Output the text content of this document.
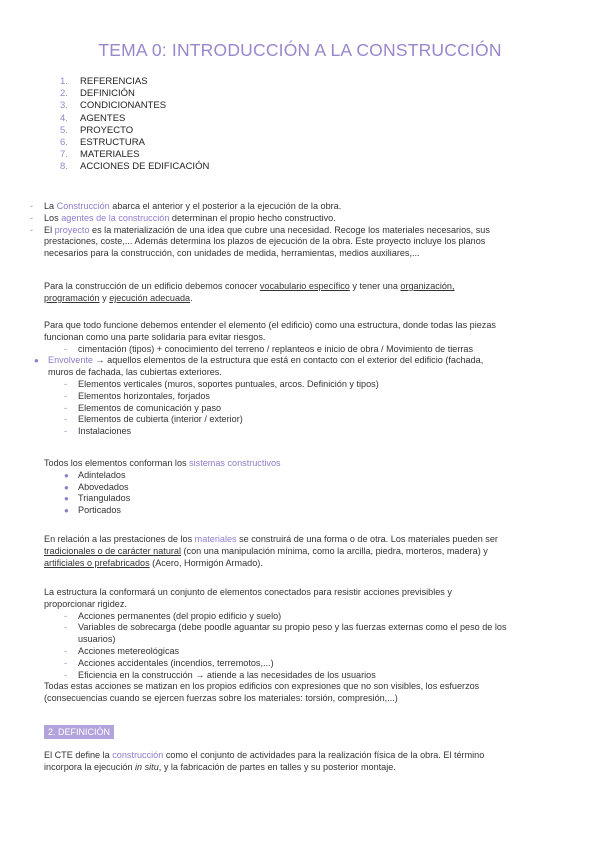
TEMA 0: INTRODUCCIÓN A LA CONSTRUCCIÓN
1. REFERENCIAS
2. DEFINICIÓN
3. CONDICIONANTES
4. AGENTES
5. PROYECTO
6. ESTRUCTURA
7. MATERIALES
8. ACCIONES DE EDIFICACIÓN
- La Construcción abarca el anterior y el posterior a la ejecución de la obra.
- Los agentes de la construcción determinan el propio hecho constructivo.
- El proyecto es la materialización de una idea que cubre una necesidad. Recoge los materiales necesarios, sus
prestaciones, coste,... Además determina los plazos de ejecución de la obra. Este proyecto incluye los planos
necesarios para la construcción, con unidades de medida, herramientas, medios auxiliares,...
Para la construcción de un edificio debemos conocer vocabulario específico y tener una organización,
programación y ejecución adecuada.
Para que todo funcione debemos entender el elemento (el edificio) como una estructura, donde todas las piezas
funcionan como una parte solidaria para evitar riesgos.
- cimentación (tipos) + conocimiento del terreno / replanteos e inicio de obra / Movimiento de tierras
● Envolvente → aquellos elementos de la estructura que está en contacto con el exterior del edificio (fachada,
muros de fachada, las cubiertas exteriores.
- Elementos verticales (muros, soportes puntuales, arcos. Definición y tipos)
- Elementos horizontales, forjados
- Elementos de comunicación y paso
- Elementos de cubierta (interior / exterior)
- Instalaciones
Todos los elementos conforman los sistemas constructivos
● Adintelados
● Abovedados
● Triangulados
● Porticados
En relación a las prestaciones de los materiales se construirá de una forma o de otra. Los materiales pueden ser
tradicionales o de carácter natural (con una manipulación mínima, como la arcilla, piedra, morteros, madera) y
artificiales o prefabricados (Acero, Hormigón Armado).
La estructura la conformará un conjunto de elementos conectados para resistir acciones previsibles y
proporcionar rigidez.
- Acciones permanentes (del propio edificio y suelo)
- Variables de sobrecarga (debe poodle aguantar su propio peso y las fuerzas externas como el peso de los
usuarios)
- Acciones metereológicas
- Acciones accidentales (incendios, terremotos,...)
- Eficiencia en la construcción → atiende a las necesidades de los usuarios
Todas estas acciones se matizan en los propios edificios con expresiones que no son visibles, los esfuerzos
(consecuencias cuando se ejercen fuerzas sobre los materiales: torsión, compresión,...)
2. DEFINICIÓN
El CTE define la construcción como el conjunto de actividades para la realización física de la obra. El término
incorpora la ejecución in situ, y la fabricación de partes en talles y su posterior montaje.
